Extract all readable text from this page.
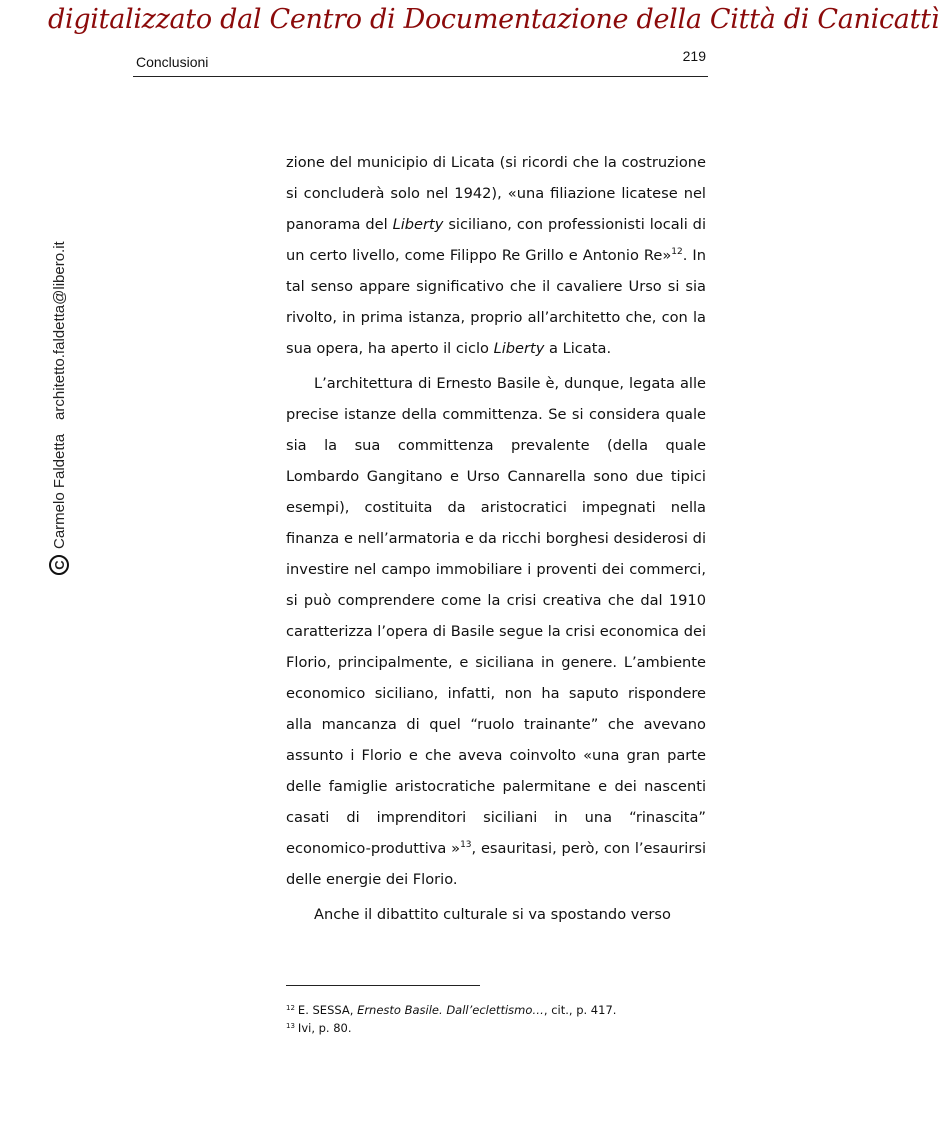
digitalizzato dal Centro di Documentazione della Città di Canicattì
Conclusioni	219
C
Carmelo Faldetta
architetto.faldetta@libero.it

zione del municipio di Licata (si ricordi che la costruzione si concluderà solo nel 1942), «una filiazione licatese nel panorama del Liberty siciliano, con professionisti locali di un certo livello, come Filippo Re Grillo e Antonio Re»$^{12}$. In tal senso appare significativo che il cavaliere Urso si sia rivolto, in prima istanza, proprio all’architetto che, con la sua opera, ha aperto il ciclo Liberty a Licata.

L’architettura di Ernesto Basile è, dunque, legata alle precise istanze della committenza. Se si considera quale sia la sua committenza prevalente (della quale Lombardo Gangitano e Urso Cannarella sono due tipici esempi), costituita da aristocratici impegnati nella finanza e nell’armatoria e da ricchi borghesi desiderosi di investire nel campo immobiliare i proventi dei commerci, si può comprendere come la crisi creativa che dal 1910 caratterizza l’opera di Basile segue la crisi economica dei Florio, principalmente, e siciliana in genere. L’ambiente economico siciliano, infatti, non ha saputo rispondere alla mancanza di quel “ruolo trainante” che avevano assunto i Florio e che aveva coinvolto «una gran parte delle famiglie aristocratiche palermitane e dei nascenti casati di imprenditori siciliani in una “rinascita” economico-produttiva »$^{13}$, esauritasi, però, con l’esaurirsi delle energie dei Florio.

Anche il dibattito culturale si va spostando verso

$^{12}$ E. SESSA, Ernesto Basile. Dall’eclettismo…, cit., p. 417.
$^{13}$ Ivi, p. 80.
